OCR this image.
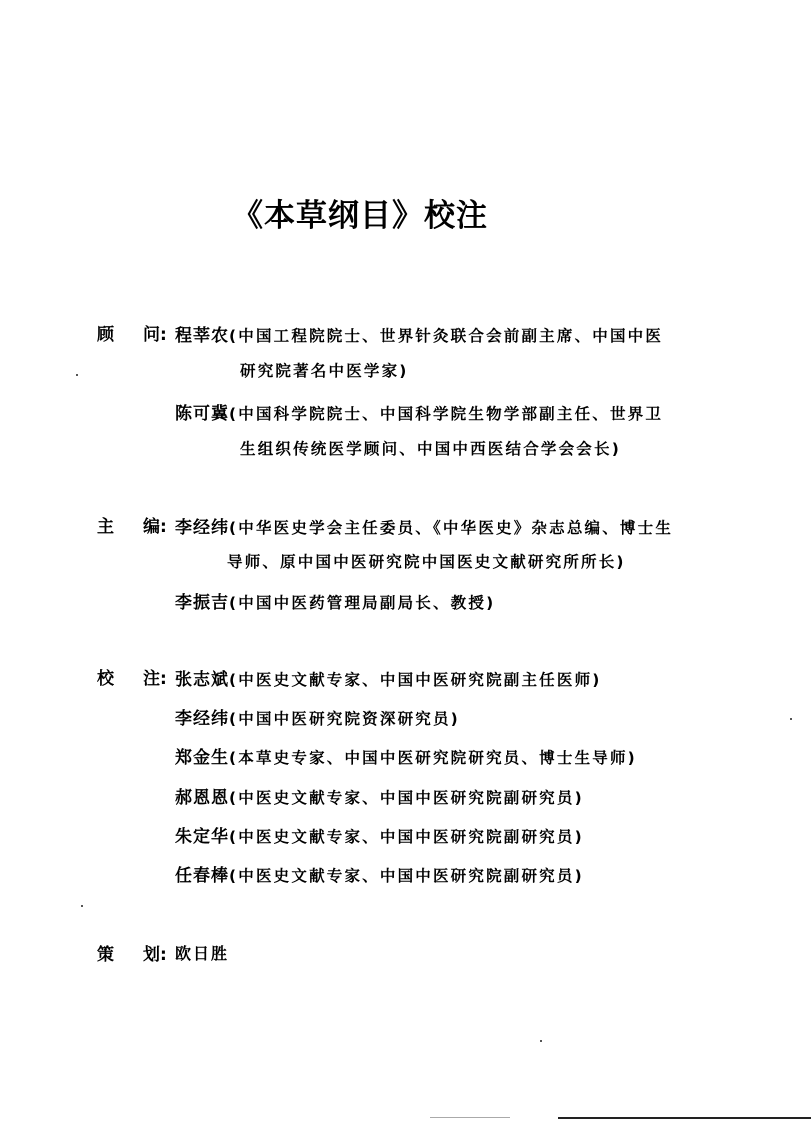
《本草纲目》校注
顾 问: 程莘农(中国工程院院士、世界针灸联合会前副主席、中国中医
研究院著名中医学家)
陈可冀(中国科学院院士、中国科学院生物学部副主任、世界卫
生组织传统医学顾问、中国中西医结合学会会长)
主 编: 李经纬(中华医史学会主任委员、《中华医史》杂志总编、博士生
导师、原中国中医研究院中国医史文献研究所所长)
李振吉(中国中医药管理局副局长、教授)
校 注: 张志斌(中医史文献专家、中国中医研究院副主任医师)
李经纬(中国中医研究院资深研究员)
郑金生(本草史专家、中国中医研究院研究员、博士生导师)
郝恩恩(中医史文献专家、中国中医研究院副研究员)
朱定华(中医史文献专家、中国中医研究院副研究员)
任春棒(中医史文献专家、中国中医研究院副研究员)
策 划: 欧日胜
